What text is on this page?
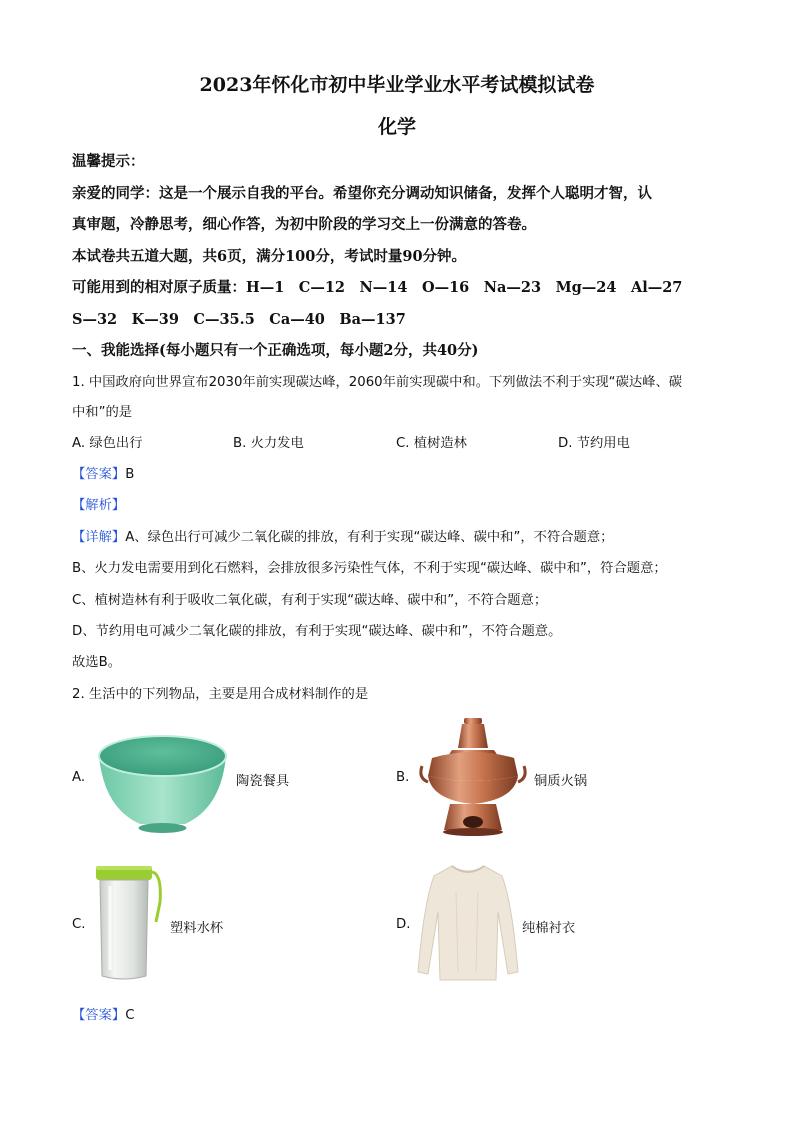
2023年怀化市初中毕业学业水平考试模拟试卷
化学
温馨提示：
亲爱的同学：这是一个展示自我的平台。希望你充分调动知识储备，发挥个人聪明才智，认
真审题，冷静思考，细心作答，为初中阶段的学习交上一份满意的答卷。
本试卷共五道大题，共6页，满分100分，考试时量90分钟。
可能用到的相对原子质量：H—1　C—12　N—14　O—16　Na—23　Mg—24　Al—27
S—32　K—39　C—35.5　Ca—40　Ba—137
一、我能选择(每小题只有一个正确选项，每小题2分，共40分)
1. 中国政府向世界宣布2030年前实现碳达峰，2060年前实现碳中和。下列做法不利于实现“碳达峰、碳
中和”的是
A. 绿色出行	B. 火力发电	C. 植树造林	D. 节约用电
【答案】B
【解析】
【详解】A、绿色出行可减少二氧化碳的排放，有利于实现“碳达峰、碳中和”，不符合题意；
B、火力发电需要用到化石燃料，会排放很多污染性气体，不利于实现“碳达峰、碳中和”，符合题意；
C、植树造林有利于吸收二氧化碳，有利于实现“碳达峰、碳中和”，不符合题意；
D、节约用电可减少二氧化碳的排放，有利于实现“碳达峰、碳中和”，不符合题意。
故选B。
2. 生活中的下列物品，主要是用合成材料制作的是
A.	陶瓷餐具	B.	铜质火锅
C.	塑料水杯	D.	纯棉衬衣
【答案】C
